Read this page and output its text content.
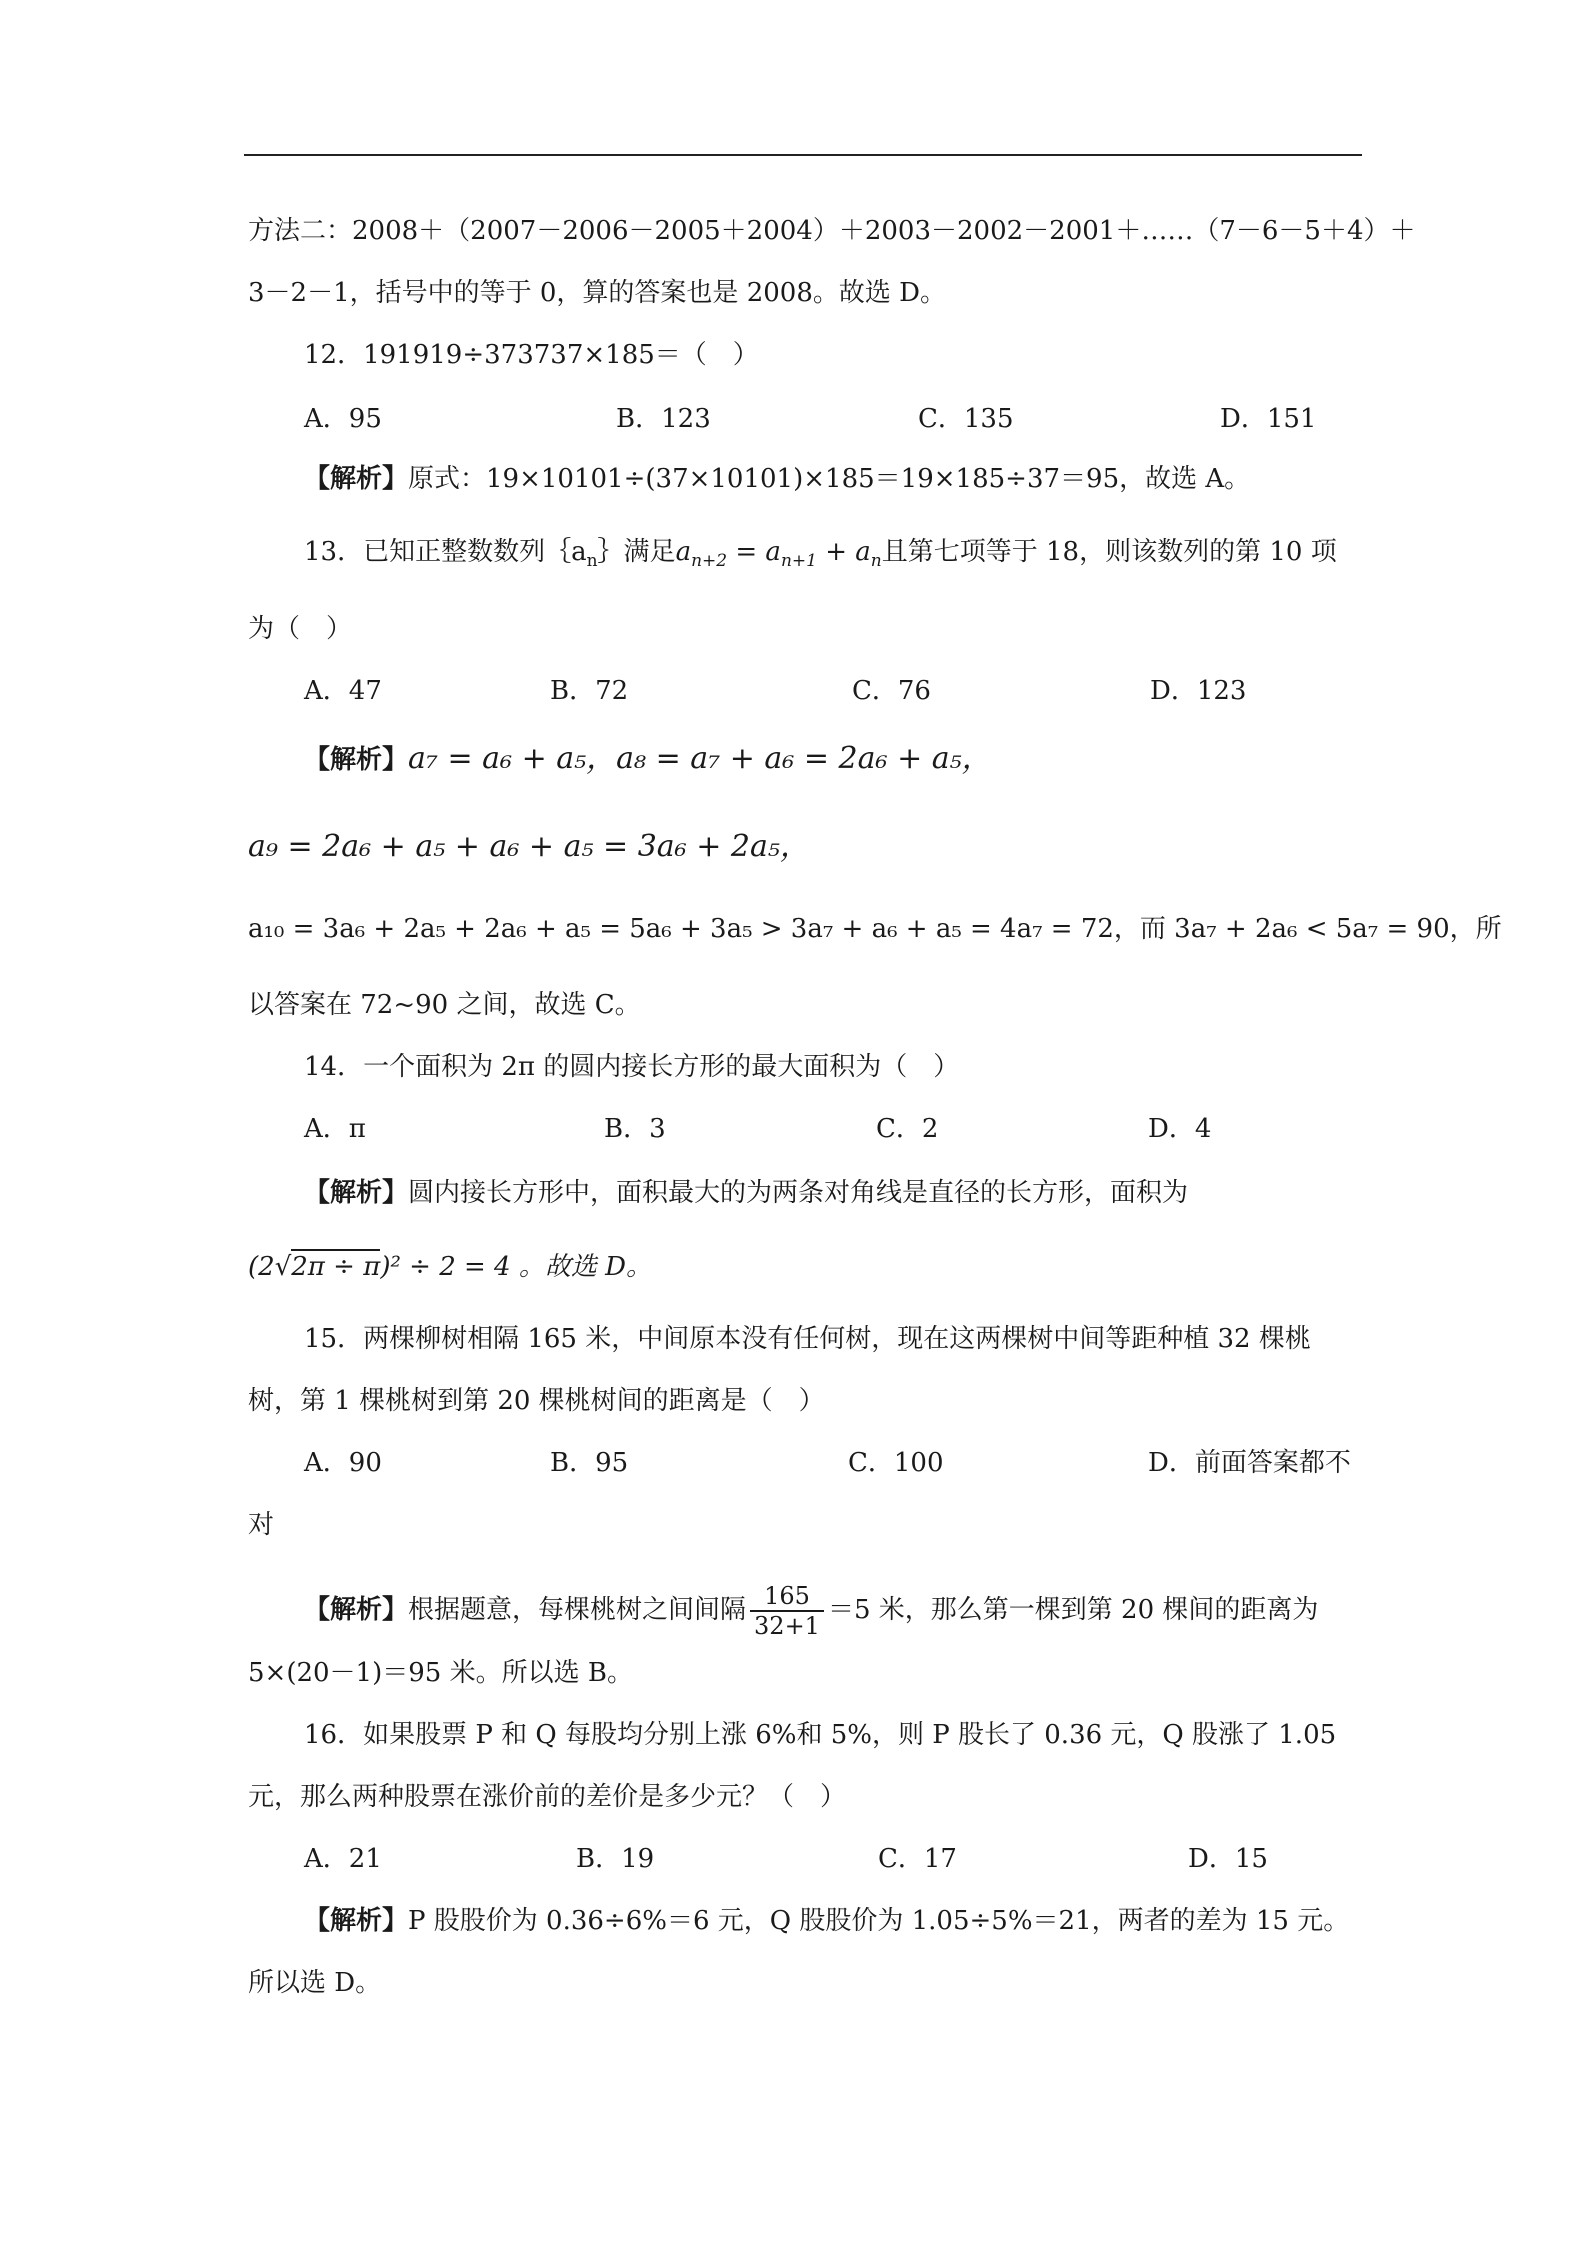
方法二：2008＋（2007－2006－2005＋2004）＋2003－2002－2001＋……（7－6－5＋4）＋
3－2－1，括号中的等于 0，算的答案也是 2008。故选 D。
12．191919÷373737×185＝（　）
A．95	B．123	C．135	D．151
【解析】原式：19×10101÷(37×10101)×185＝19×185÷37＝95，故选 A。
13．已知正整数数列$\{a_n\}$满足$a_{n+2} = a_{n+1} + a_n$且第七项等于 18，则该数列的第 10 项
为（　）
A．47	B．72	C．76	D．123
【解析】a₇ = a₆ + a₅，a₈ = a₇ + a₆ = 2a₆ + a₅，
a₉ = 2a₆ + a₅ + a₆ + a₅ = 3a₆ + 2a₅，
a₁₀ = 3a₆ + 2a₅ + 2a₆ + a₅ = 5a₆ + 3a₅ > 3a₇ + a₆ + a₅ = 4a₇ = 72，而 3a₇ + 2a₆ < 5a₇ = 90，所
以答案在 72~90 之间，故选 C。
14．一个面积为 2π 的圆内接长方形的最大面积为（　）
A．π	B．3	C．2	D．4
【解析】圆内接长方形中，面积最大的为两条对角线是直径的长方形，面积为
(2√2π ÷ π)² ÷ 2 = 4 。故选 D。
15．两棵柳树相隔 165 米，中间原本没有任何树，现在这两棵树中间等距种植 32 棵桃
树，第 1 棵桃树到第 20 棵桃树间的距离是（　）
A．90	B．95	C．100	D．前面答案都不
对
【解析】根据题意，每棵桃树之间间隔 $\frac{165}{32+1} =5$ 米，那么第一棵到第 20 棵间的距离为
5×(20－1)＝95 米。所以选 B。
16．如果股票 P 和 Q 每股均分别上涨 6%和 5%，则 P 股长了 0.36 元，Q 股涨了 1.05
元，那么两种股票在涨价前的差价是多少元？（　）
A．21	B．19	C．17	D．15
【解析】P 股股价为 0.36÷6%＝6 元，Q 股股价为 1.05÷5%＝21，两者的差为 15 元。
所以选 D。
